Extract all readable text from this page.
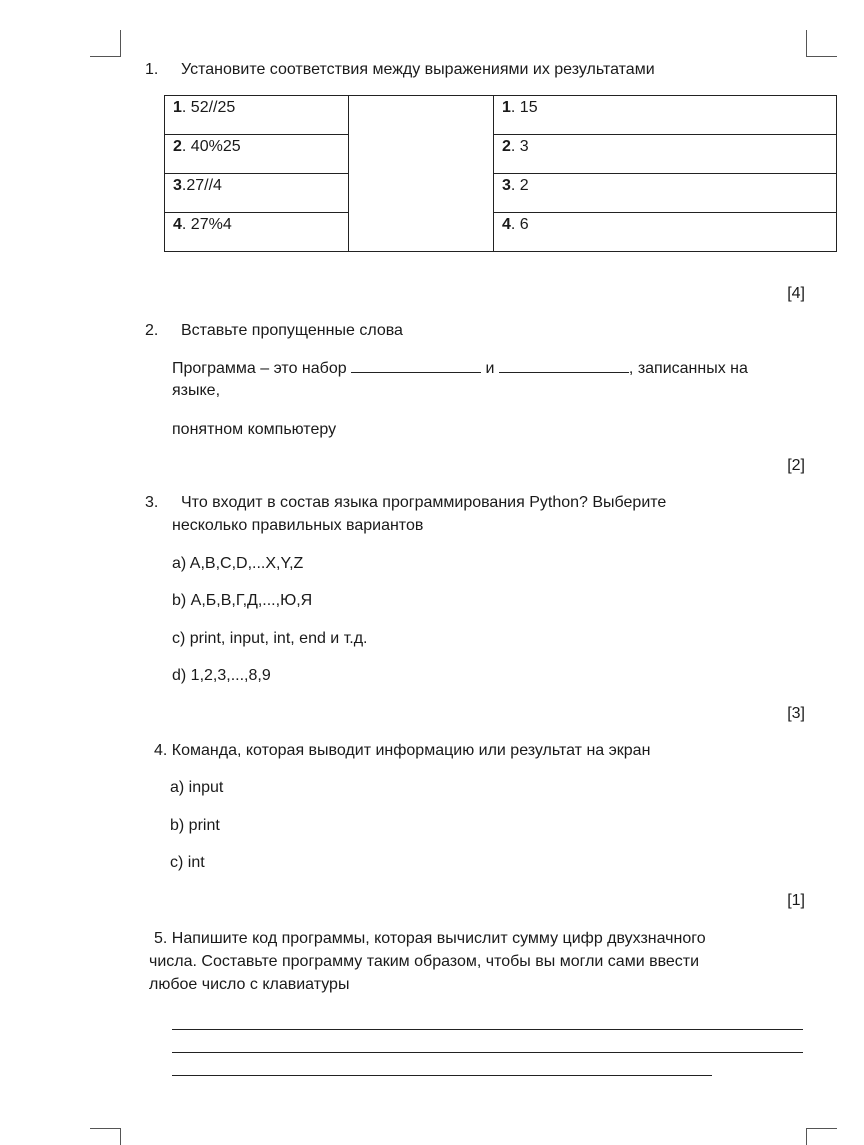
1. Установите соответствия между выражениями их результатами
1. 52//25		1. 15
2. 40%25		2. 3
3.27//4		3. 2
4. 27%4		4. 6
[4]
2. Вставьте пропущенные слова
Программа – это набор	и	, записанных на
языке,
понятном компьютеру
[2]
3. Что входит в состав языка программирования Python? Выберите
несколько правильных вариантов
a) A,B,C,D,...X,Y,Z
b) А,Б,В,Г,Д,...,Ю,Я
c) print, input, int, end и т.д.
d) 1,2,3,...,8,9
[3]
4. Команда, которая выводит информацию или результат на экран
a) input
b) print
c) int
[1]
5. Напишите код программы, которая вычислит сумму цифр двухзначного
числа. Составьте программу таким образом, чтобы вы могли сами ввести
любое число с клавиатуры
